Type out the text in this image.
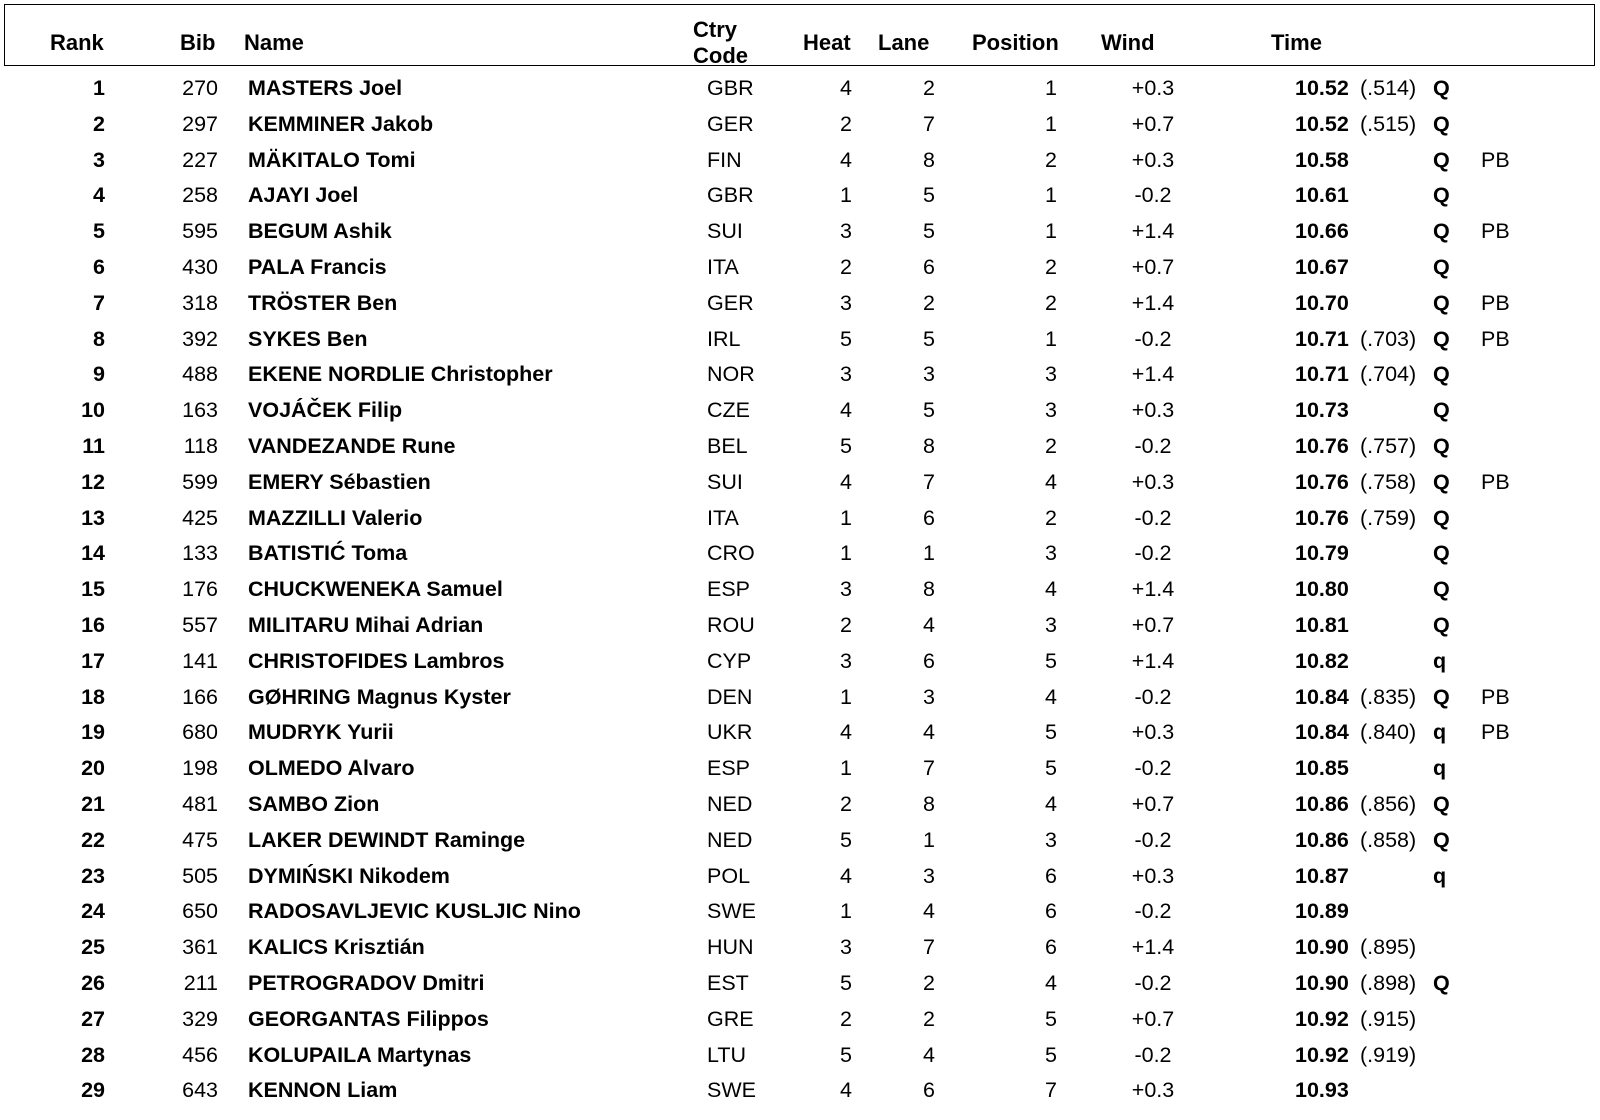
Rank	Bib Name
Ctry
Code
Heat Lane Position Wind	Time
1	270 MASTERS Joel	GBR	4	2	1	+0.3	10.52 (.514) Q
2	297 KEMMINER Jakob	GER	2	7	1	+0.7	10.52 (.515) Q
3	227 MÄKITALO Tomi	FIN	4	8	2	+0.3	10.58	Q PB
4	258 AJAYI Joel	GBR	1	5	1	-0.2	10.61	Q
5	595 BEGUM Ashik	SUI	3	5	1	+1.4	10.66	Q PB
6	430 PALA Francis	ITA	2	6	2	+0.7	10.67	Q
7	318 TRÖSTER Ben	GER	3	2	2	+1.4	10.70	Q PB
8	392 SYKES Ben	IRL	5	5	1	-0.2	10.71 (.703) Q PB
9	488 EKENE NORDLIE Christopher	NOR	3	3	3	+1.4	10.71 (.704) Q
10	163 VOJÁČEK Filip	CZE	4	5	3	+0.3	10.73	Q
11	118 VANDEZANDE Rune	BEL	5	8	2	-0.2	10.76 (.757) Q
12	599 EMERY Sébastien	SUI	4	7	4	+0.3	10.76 (.758) Q PB
13	425 MAZZILLI Valerio	ITA	1	6	2	-0.2	10.76 (.759) Q
14	133 BATISTIĆ Toma	CRO	1	1	3	-0.2	10.79	Q
15	176 CHUCKWENEKA Samuel	ESP	3	8	4	+1.4	10.80	Q
16	557 MILITARU Mihai Adrian	ROU	2	4	3	+0.7	10.81	Q
17	141 CHRISTOFIDES Lambros	CYP	3	6	5	+1.4	10.82	q
18	166 GØHRING Magnus Kyster	DEN	1	3	4	-0.2	10.84 (.835) Q PB
19	680 MUDRYK Yurii	UKR	4	4	5	+0.3	10.84 (.840) q PB
20	198 OLMEDO Alvaro	ESP	1	7	5	-0.2	10.85	q
21	481 SAMBO Zion	NED	2	8	4	+0.7	10.86 (.856) Q
22	475 LAKER DEWINDT Raminge	NED	5	1	3	-0.2	10.86 (.858) Q
23	505 DYMIŃSKI Nikodem	POL	4	3	6	+0.3	10.87	q
24	650 RADOSAVLJEVIC KUSLJIC Nino	SWE	1	4	6	-0.2	10.89
25	361 KALICS Krisztián	HUN	3	7	6	+1.4	10.90 (.895)
26	211 PETROGRADOV Dmitri	EST	5	2	4	-0.2	10.90 (.898) Q
27	329 GEORGANTAS Filippos	GRE	2	2	5	+0.7	10.92 (.915)
28	456 KOLUPAILA Martynas	LTU	5	4	5	-0.2	10.92 (.919)
29	643 KENNON Liam	SWE	4	6	7	+0.3	10.93
